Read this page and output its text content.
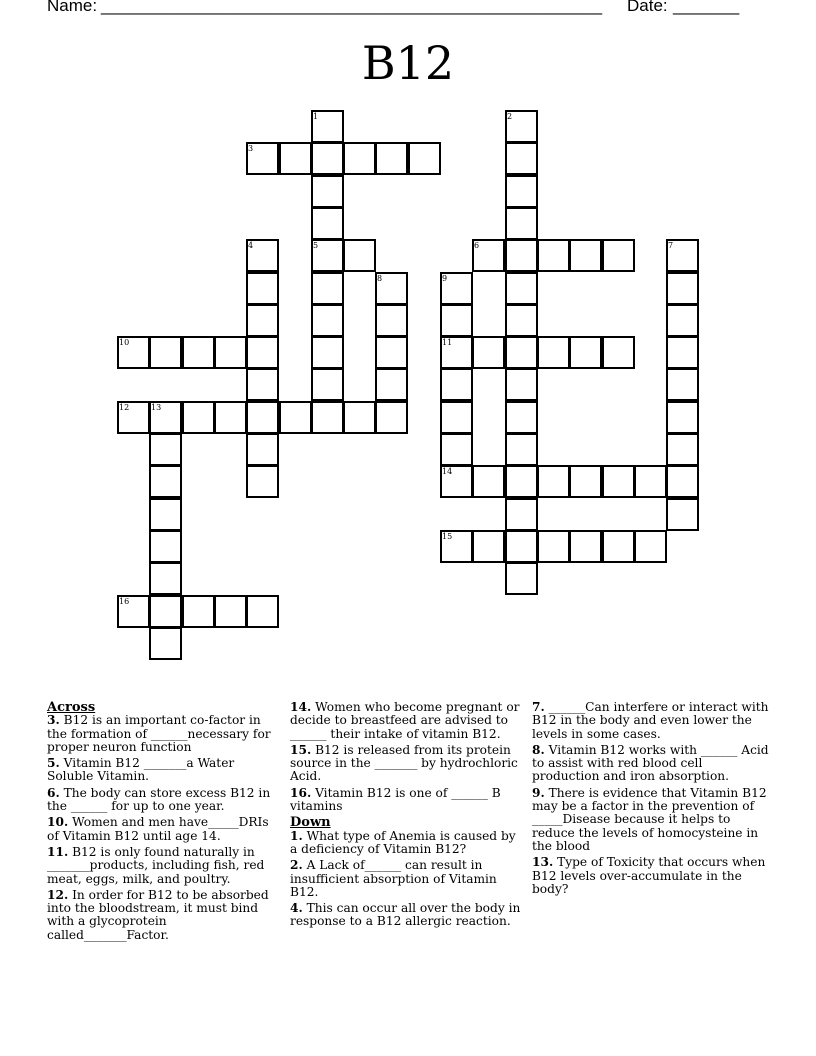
Name: _____________________________________________________ Date: _______
B12
1	2
3
4	5	6	7
8	9
10	11
12	13
14
15
16
Across
3. B12 is an important co-factor in the formation of ______necessary for proper neuron function
5. Vitamin B12 _______a Water Soluble Vitamin.
6. The body can store excess B12 in the ______ for up to one year.
10. Women and men have_____DRIs of Vitamin B12 until age 14.
11. B12 is only found naturally in _______products, including fish, red meat, eggs, milk, and poultry.
12. In order for B12 to be absorbed into the bloodstream, it must bind with a glycoprotein called_______Factor.
14. Women who become pregnant or decide to breastfeed are advised to ______ their intake of vitamin B12.
15. B12 is released from its protein source in the _______ by hydrochloric Acid.
16. Vitamin B12 is one of ______ B vitamins
Down
1. What type of Anemia is caused by a deficiency of Vitamin B12?
2. A Lack of______ can result in insufficient absorption of Vitamin B12.
4. This can occur all over the body in response to a B12 allergic reaction.
7. ______Can interfere or interact with B12 in the body and even lower the levels in some cases.
8. Vitamin B12 works with ______ Acid to assist with red blood cell production and iron absorption.
9. There is evidence that Vitamin B12 may be a factor in the prevention of _____Disease because it helps to reduce the levels of homocysteine in the blood
13. Type of Toxicity that occurs when B12 levels over-accumulate in the body?
